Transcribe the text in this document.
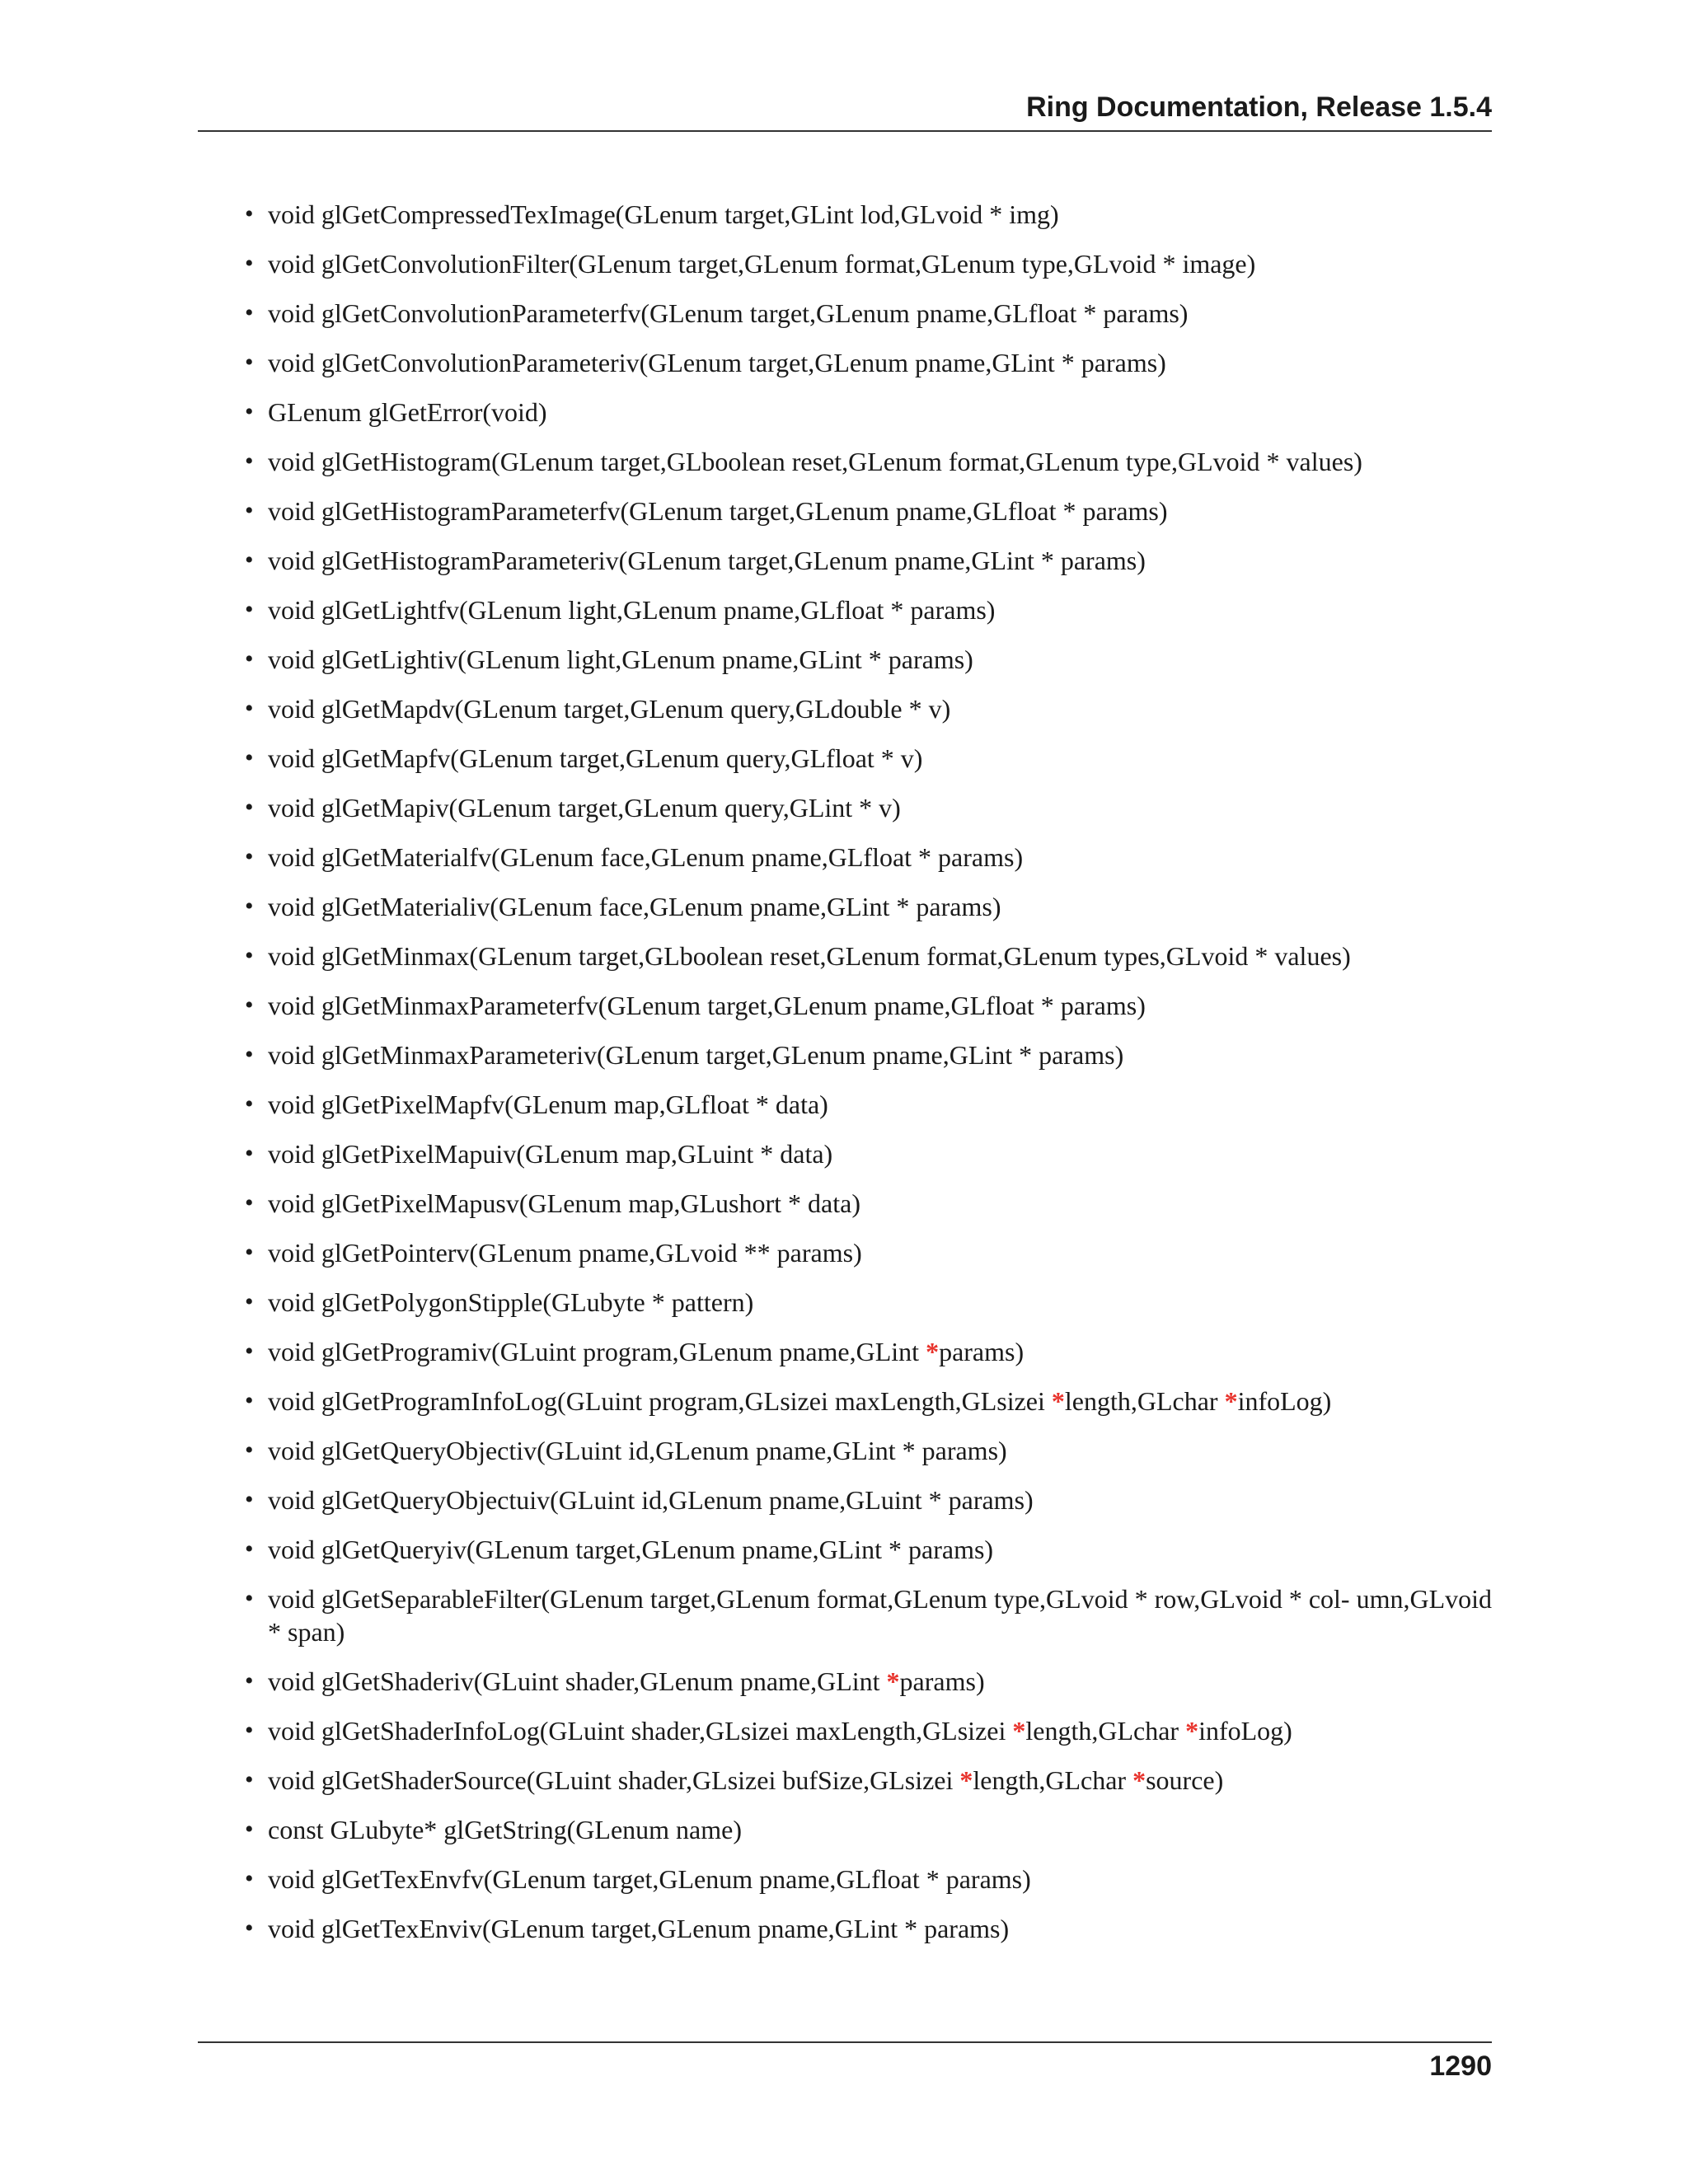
Ring Documentation, Release 1.5.4
• void glGetCompressedTexImage(GLenum target,GLint lod,GLvoid * img)
• void glGetConvolutionFilter(GLenum target,GLenum format,GLenum type,GLvoid * image)
• void glGetConvolutionParameterfv(GLenum target,GLenum pname,GLfloat * params)
• void glGetConvolutionParameteriv(GLenum target,GLenum pname,GLint * params)
• GLenum glGetError(void)
• void glGetHistogram(GLenum target,GLboolean reset,GLenum format,GLenum type,GLvoid * values)
• void glGetHistogramParameterfv(GLenum target,GLenum pname,GLfloat * params)
• void glGetHistogramParameteriv(GLenum target,GLenum pname,GLint * params)
• void glGetLightfv(GLenum light,GLenum pname,GLfloat * params)
• void glGetLightiv(GLenum light,GLenum pname,GLint * params)
• void glGetMapdv(GLenum target,GLenum query,GLdouble * v)
• void glGetMapfv(GLenum target,GLenum query,GLfloat * v)
• void glGetMapiv(GLenum target,GLenum query,GLint * v)
• void glGetMaterialfv(GLenum face,GLenum pname,GLfloat * params)
• void glGetMaterialiv(GLenum face,GLenum pname,GLint * params)
• void glGetMinmax(GLenum target,GLboolean reset,GLenum format,GLenum types,GLvoid * values)
• void glGetMinmaxParameterfv(GLenum target,GLenum pname,GLfloat * params)
• void glGetMinmaxParameteriv(GLenum target,GLenum pname,GLint * params)
• void glGetPixelMapfv(GLenum map,GLfloat * data)
• void glGetPixelMapuiv(GLenum map,GLuint * data)
• void glGetPixelMapusv(GLenum map,GLushort * data)
• void glGetPointerv(GLenum pname,GLvoid ** params)
• void glGetPolygonStipple(GLubyte * pattern)
• void glGetProgramiv(GLuint program,GLenum pname,GLint *params)
• void glGetProgramInfoLog(GLuint program,GLsizei maxLength,GLsizei *length,GLchar *infoLog)
• void glGetQueryObjectiv(GLuint id,GLenum pname,GLint * params)
• void glGetQueryObjectuiv(GLuint id,GLenum pname,GLuint * params)
• void glGetQueryiv(GLenum target,GLenum pname,GLint * params)
• void glGetSeparableFilter(GLenum target,GLenum format,GLenum type,GLvoid * row,GLvoid * col- umn,GLvoid * span)
• void glGetShaderiv(GLuint shader,GLenum pname,GLint *params)
• void glGetShaderInfoLog(GLuint shader,GLsizei maxLength,GLsizei *length,GLchar *infoLog)
• void glGetShaderSource(GLuint shader,GLsizei bufSize,GLsizei *length,GLchar *source)
• const GLubyte* glGetString(GLenum name)
• void glGetTexEnvfv(GLenum target,GLenum pname,GLfloat * params)
• void glGetTexEnviv(GLenum target,GLenum pname,GLint * params)
1290
